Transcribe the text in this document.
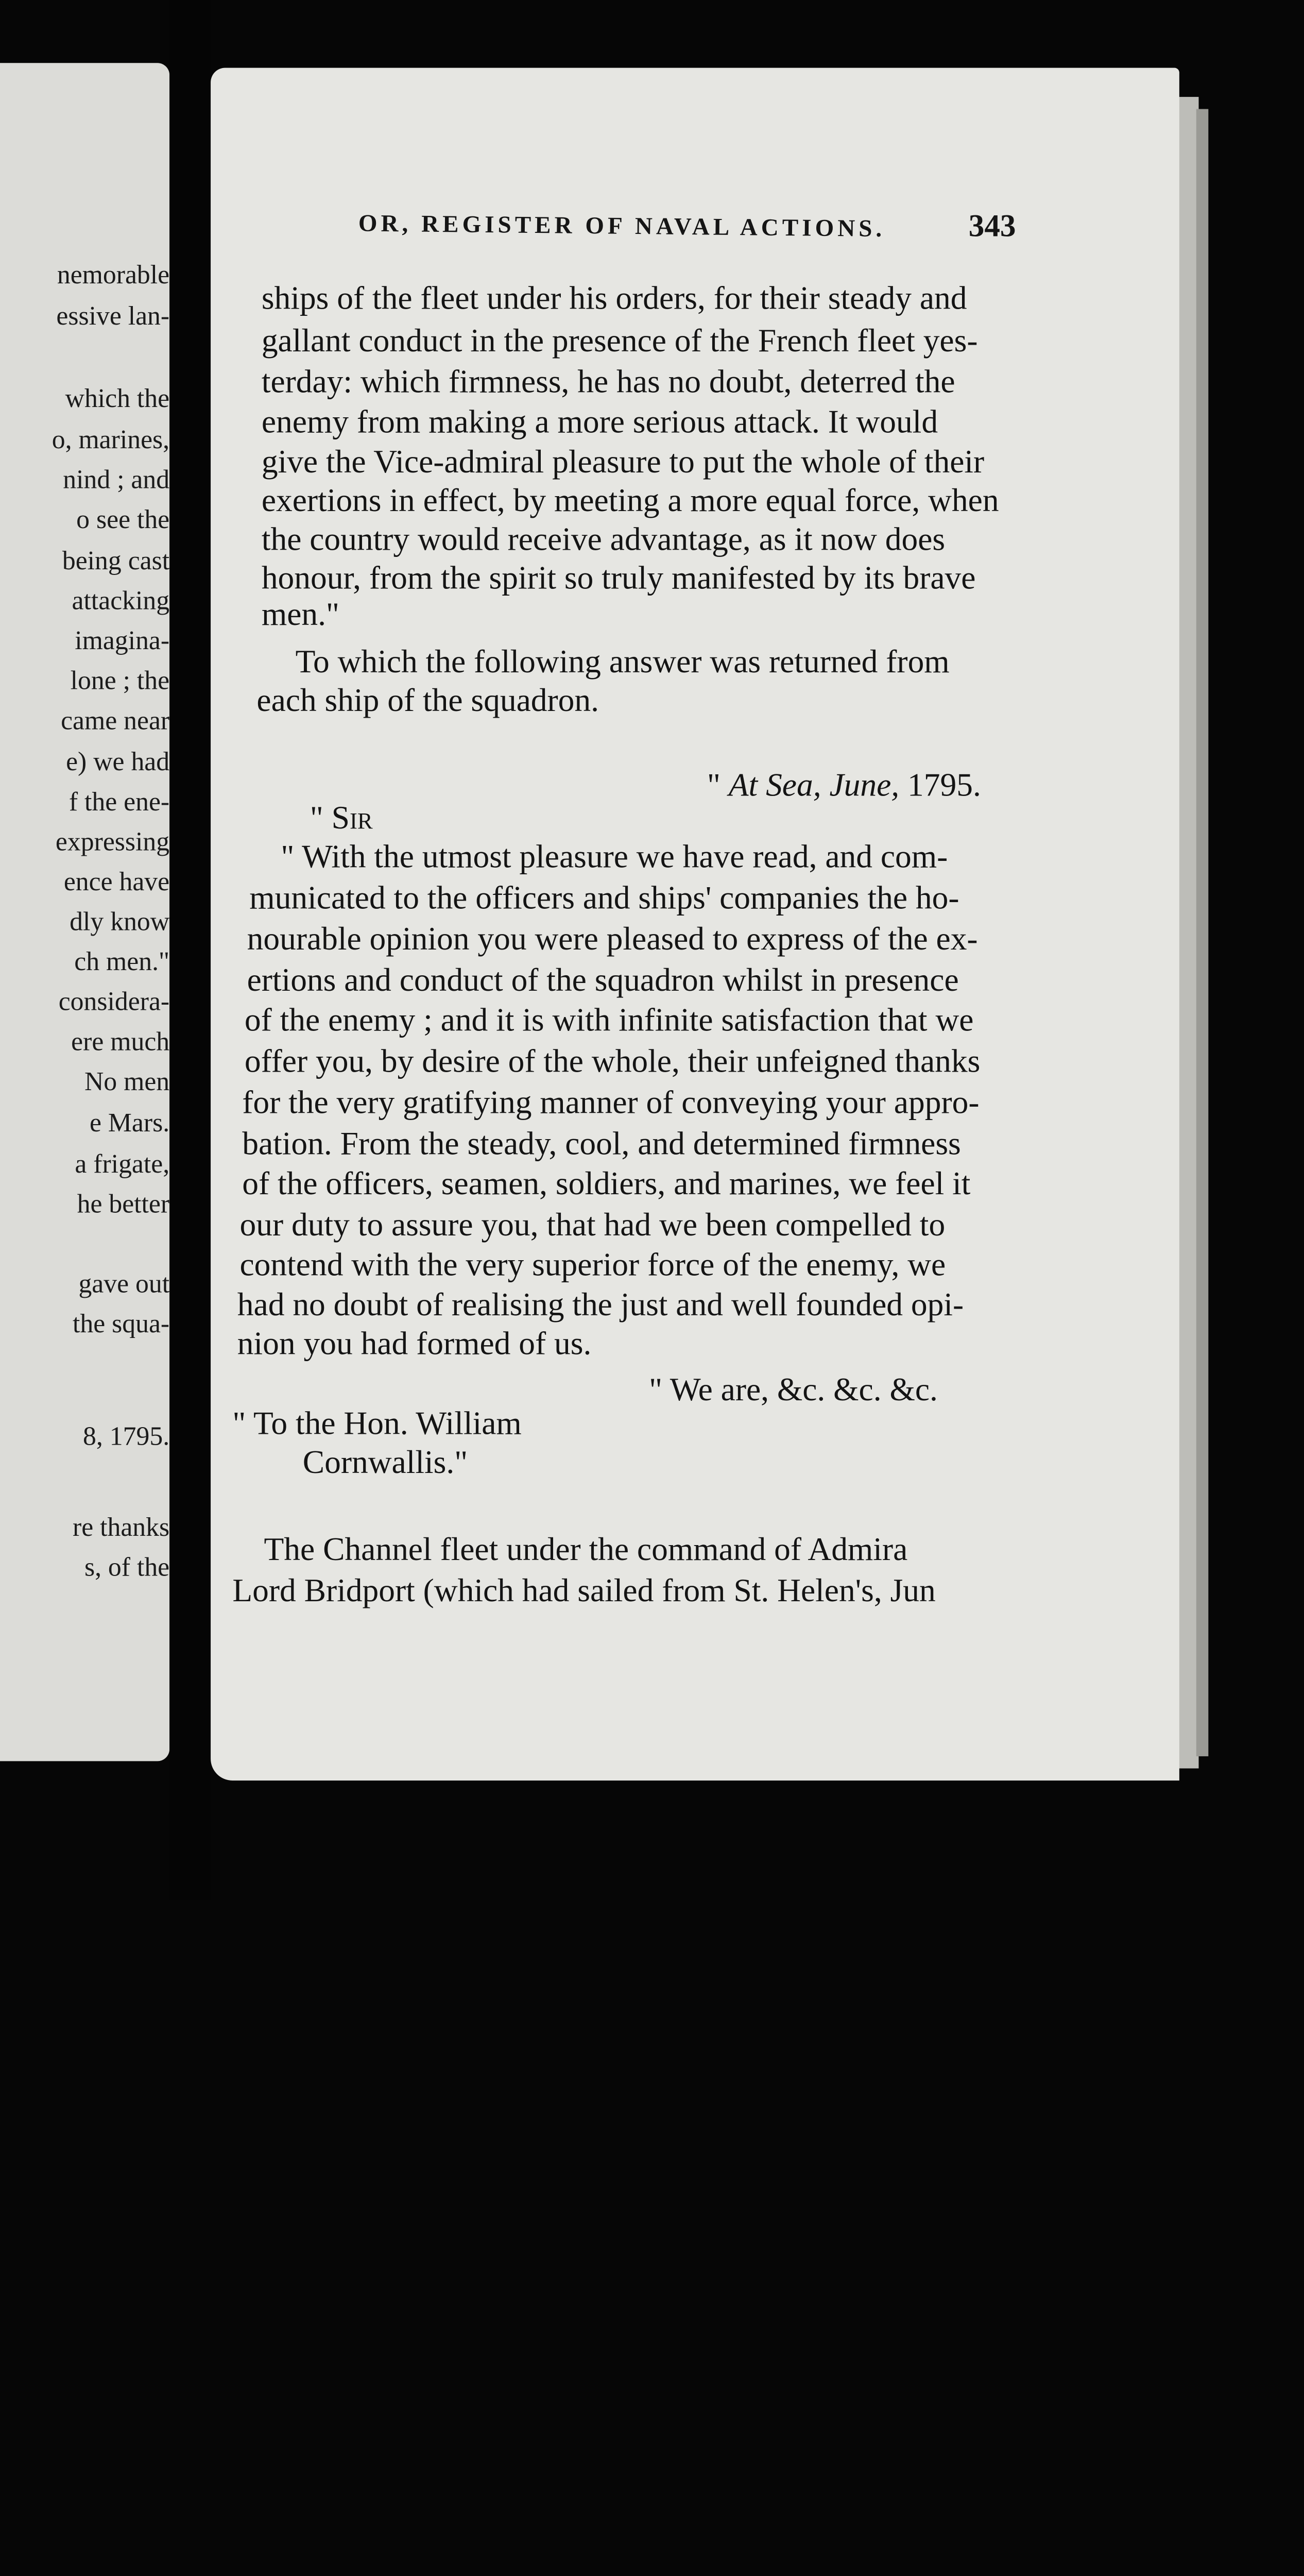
nemorable
essive lan-
which the
o, marines,
nind ; and
o see the
being cast
attacking
imagina-
lone ; the
came near
e) we had
f the ene-
expressing
ence have
dly know
ch men."
considera-
ere much
No men
e Mars.
a frigate,
he better
gave out
the squa-
8, 1795.
re thanks
s, of the
OR, REGISTER OF NAVAL ACTIONS.	343
ships of the fleet under his orders, for their steady and
gallant conduct in the presence of the French fleet yes-
terday: which firmness, he has no doubt, deterred the
enemy from making a more serious attack. It would
give the Vice-admiral pleasure to put the whole of their
exertions in effect, by meeting a more equal force, when
the country would receive advantage, as it now does
honour, from the spirit so truly manifested by its brave
men."
To which the following answer was returned from
each ship of the squadron.
" At Sea, June, 1795.
" Sir
" With the utmost pleasure we have read, and com-
municated to the officers and ships' companies the ho-
nourable opinion you were pleased to express of the ex-
ertions and conduct of the squadron whilst in presence
of the enemy ; and it is with infinite satisfaction that we
offer you, by desire of the whole, their unfeigned thanks
for the very gratifying manner of conveying your appro-
bation. From the steady, cool, and determined firmness
of the officers, seamen, soldiers, and marines, we feel it
our duty to assure you, that had we been compelled to
contend with the very superior force of the enemy, we
had no doubt of realising the just and well founded opi-
nion you had formed of us.
" We are, &c. &c. &c.
" To the Hon. William
Cornwallis."
The Channel fleet under the command of Admira
Lord Bridport (which had sailed from St. Helen's, Jun
